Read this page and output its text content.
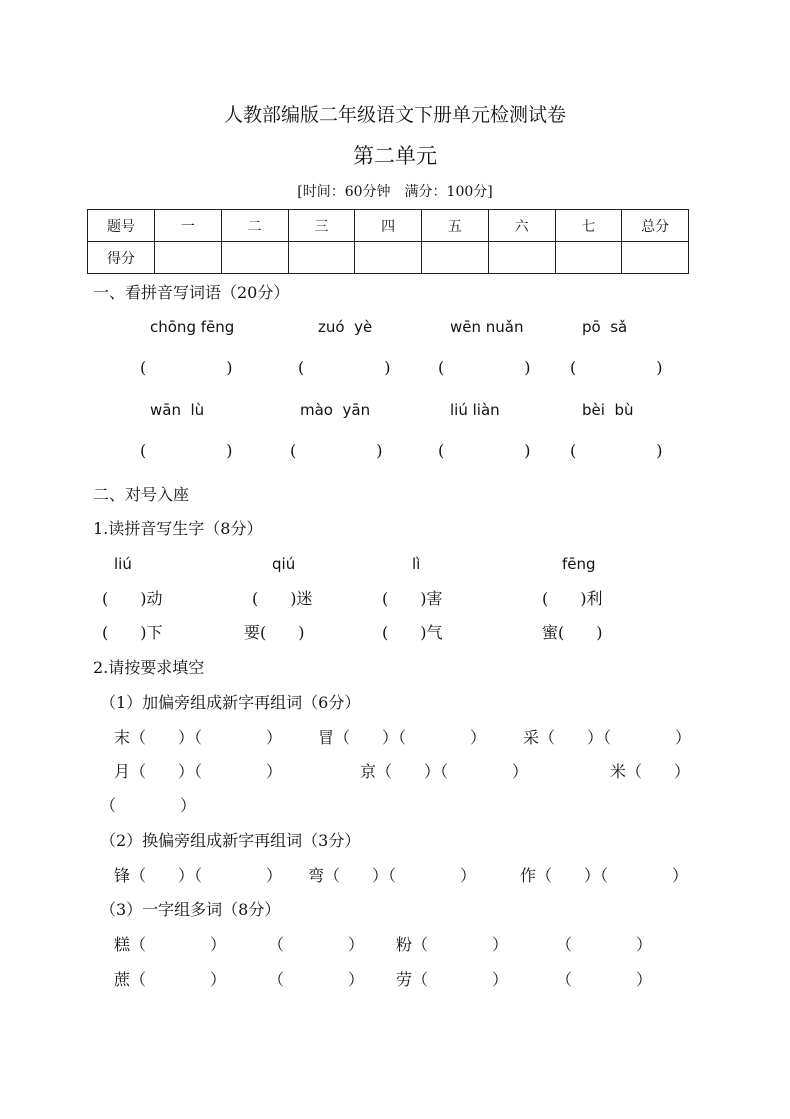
人教部编版二年级语文下册单元检测试卷
第二单元
[时间：60分钟　满分：100分]
题号	一	二	三	四	五	六	七	总分
得分								
一、看拼音写词语（20分）
chōng fēng	zuó  yè	wēn nuǎn	pō  sǎ
(　　　　　)	(　　　　　)	(　　　　　) (　　　　　)
wān  lù	mào  yān	liú liàn	bèi  bù
(　　　　　)	(　　　　　)	(　　　　　) (　　　　　)
二、对号入座
1.读拼音写生字（8分）
liú	qiú	lì	fēng
(　　)动	(　　)迷	(　　)害	(　　)利
(　　)下	要(　　)	(　　)气	蜜(　　)
2.请按要求填空
（1）加偏旁组成新字再组词（6分）
末（　　）（　　　　） 冒（　　）（　　　　） 采（　　）（　　　　）
月（　　）（　　　　）	京（　　）（　　　　）	米（　　）
（　　　　）
（2）换偏旁组成新字再组词（3分）
锋（　　）（　　　　） 弯（　　）（　　　　）	作（　　）（　　　　）
（3）一字组多词（8分）
糕（　　　　）	（　　　　） 粉（　　　　）	（　　　　）
蔗（　　　　）	（　　　　） 劳（　　　　）	（　　　　）
